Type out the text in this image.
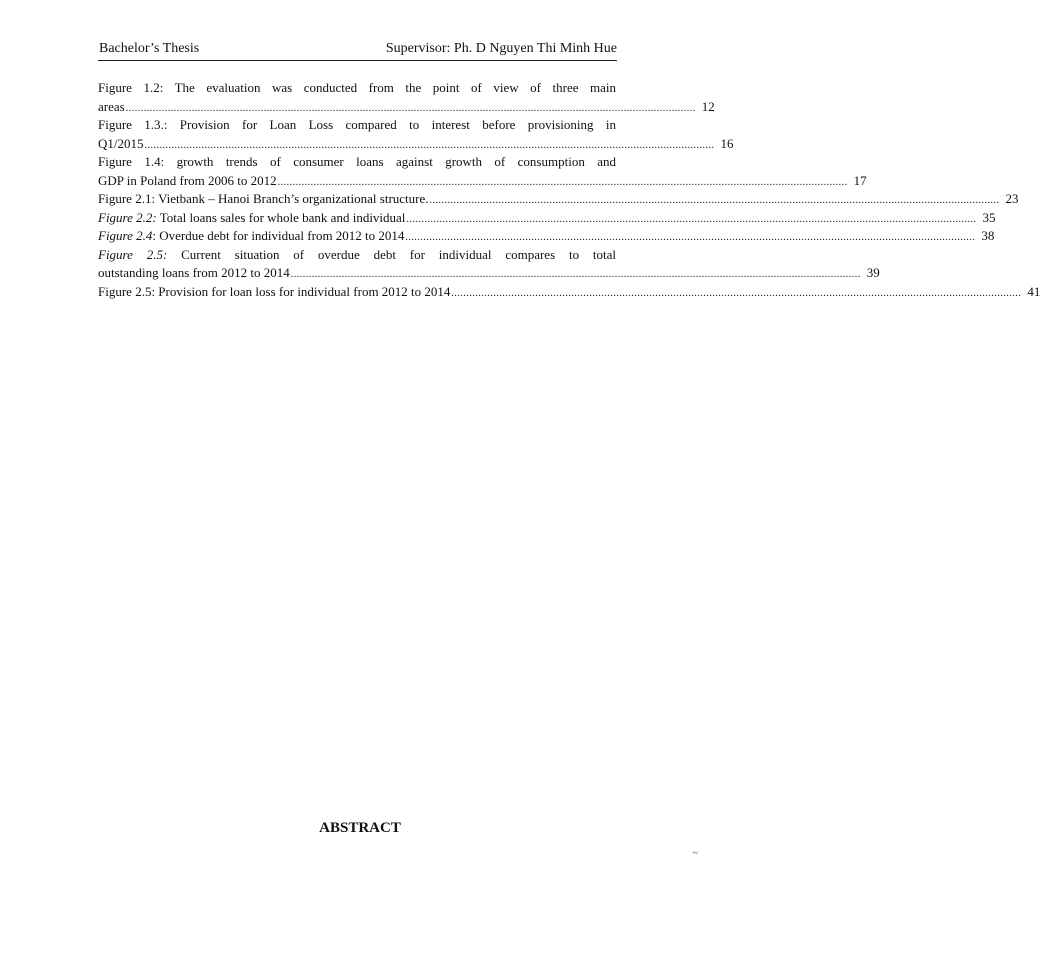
Bachelor’s Thesis	Supervisor: Ph. D Nguyen Thi Minh Hue
Figure 1.2: The evaluation was conducted from the point of view of three main
areas .............................................................................................................................................................................................. 12
Figure 1.3.: Provision for Loan Loss compared to interest before provisioning in
Q1/2015 .............................................................................................................................................................................................. 16
Figure 1.4: growth trends of consumer loans against growth of consumption and
GDP in Poland from 2006 to 2012 .............................................................................................................................................................................................. 17
Figure 2.1: Vietbank – Hanoi Branch’s organizational structure. .............................................................................................................................................................................................. 23
Figure 2.2: Total loans sales for whole bank and individual .............................................................................................................................................................................................. 35
Figure 2.4: Overdue debt for individual from 2012 to 2014 .............................................................................................................................................................................................. 38
Figure 2.5: Current situation of overdue debt for individual compares to total
outstanding loans from 2012 to 2014 .............................................................................................................................................................................................. 39
Figure 2.5: Provision for loan loss for individual from 2012 to 2014 .............................................................................................................................................................................................. 41
ABSTRACT
~
